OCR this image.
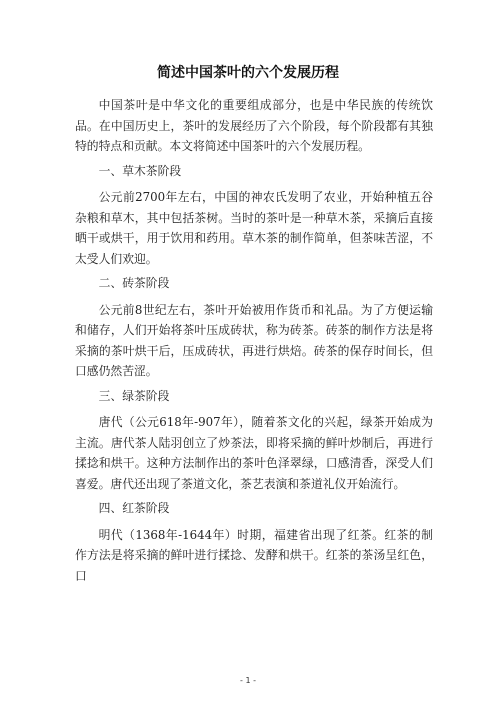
简述中国茶叶的六个发展历程

中国茶叶是中华文化的重要组成部分，也是中华民族的传统饮品。在中国历史上，茶叶的发展经历了六个阶段，每个阶段都有其独特的特点和贡献。本文将简述中国茶叶的六个发展历程。

一、草木茶阶段

公元前2700年左右，中国的神农氏发明了农业，开始种植五谷杂粮和草木，其中包括茶树。当时的茶叶是一种草木茶，采摘后直接晒干或烘干，用于饮用和药用。草木茶的制作简单，但茶味苦涩，不太受人们欢迎。

二、砖茶阶段

公元前8世纪左右，茶叶开始被用作货币和礼品。为了方便运输和储存，人们开始将茶叶压成砖状，称为砖茶。砖茶的制作方法是将采摘的茶叶烘干后，压成砖状，再进行烘焙。砖茶的保存时间长，但口感仍然苦涩。

三、绿茶阶段

唐代（公元618年-907年），随着茶文化的兴起，绿茶开始成为主流。唐代茶人陆羽创立了炒茶法，即将采摘的鲜叶炒制后，再进行揉捻和烘干。这种方法制作出的茶叶色泽翠绿，口感清香，深受人们喜爱。唐代还出现了茶道文化，茶艺表演和茶道礼仪开始流行。

四、红茶阶段

明代（1368年-1644年）时期，福建省出现了红茶。红茶的制作方法是将采摘的鲜叶进行揉捻、发酵和烘干。红茶的茶汤呈红色，口

- 1 -
